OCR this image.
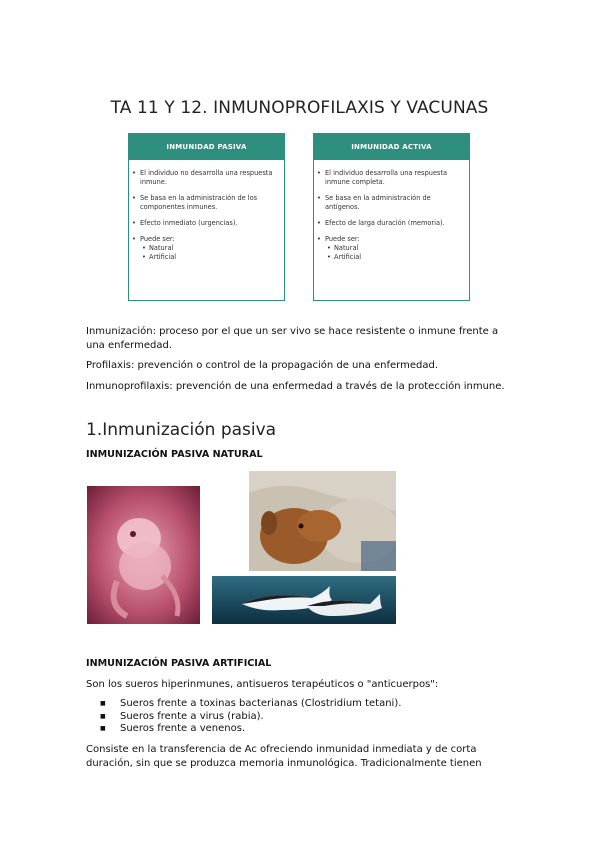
TA 11 Y 12. INMUNOPROFILAXIS Y VACUNAS
INMUNIDAD PASIVA
• El individuo no desarrolla una respuesta inmune.
• Se basa en la administración de los componentes inmunes.
• Efecto inmediato (urgencias).
• Puede ser:
• Natural
• Artificial
INMUNIDAD ACTIVA
• El individuo desarrolla una respuesta inmune completa.
• Se basa en la administración de antígenos.
• Efecto de larga duración (memoria).
• Puede ser:
• Natural
• Artificial
Inmunización: proceso por el que un ser vivo se hace resistente o inmune frente a una enfermedad.
Profilaxis: prevención o control de la propagación de una enfermedad.
Inmunoprofilaxis: prevención de una enfermedad a través de la protección inmune.
1.Inmunización pasiva
INMUNIZACIÓN PASIVA NATURAL
INMUNIZACIÓN PASIVA ARTIFICIAL
Son los sueros hiperinmunes, antisueros terapéuticos o "anticuerpos":
■ Sueros frente a toxinas bacterianas (Clostridium tetani).
■ Sueros frente a virus (rabia).
■ Sueros frente a venenos.
Consiste en la transferencia de Ac ofreciendo inmunidad inmediata y de corta duración, sin que se produzca memoria inmunológica. Tradicionalmente tienen
